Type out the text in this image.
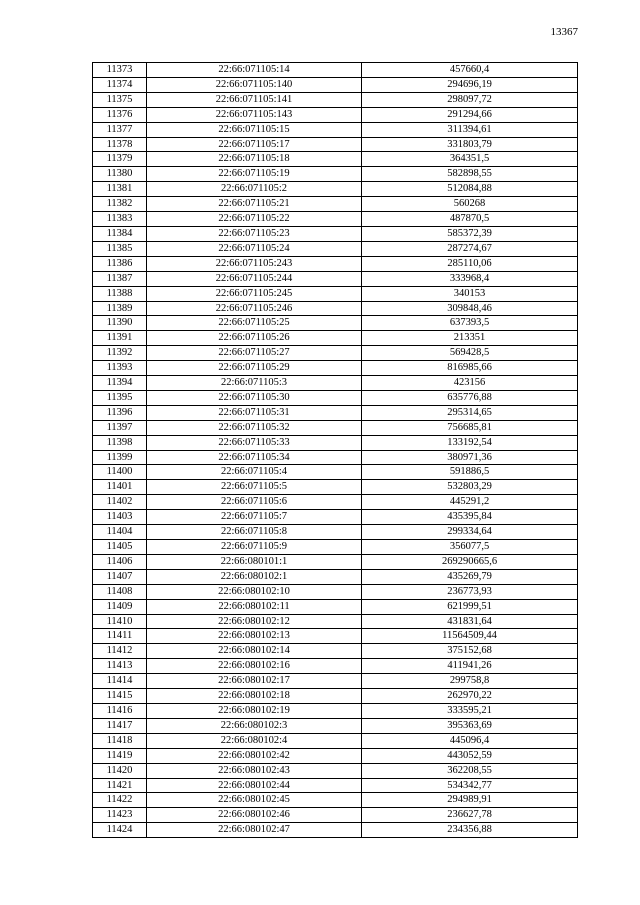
13367
11373	22:66:071105:14	457660,4
11374	22:66:071105:140	294696,19
11375	22:66:071105:141	298097,72
11376	22:66:071105:143	291294,66
11377	22:66:071105:15	311394,61
11378	22:66:071105:17	331803,79
11379	22:66:071105:18	364351,5
11380	22:66:071105:19	582898,55
11381	22:66:071105:2	512084,88
11382	22:66:071105:21	560268
11383	22:66:071105:22	487870,5
11384	22:66:071105:23	585372,39
11385	22:66:071105:24	287274,67
11386	22:66:071105:243	285110,06
11387	22:66:071105:244	333968,4
11388	22:66:071105:245	340153
11389	22:66:071105:246	309848,46
11390	22:66:071105:25	637393,5
11391	22:66:071105:26	213351
11392	22:66:071105:27	569428,5
11393	22:66:071105:29	816985,66
11394	22:66:071105:3	423156
11395	22:66:071105:30	635776,88
11396	22:66:071105:31	295314,65
11397	22:66:071105:32	756685,81
11398	22:66:071105:33	133192,54
11399	22:66:071105:34	380971,36
11400	22:66:071105:4	591886,5
11401	22:66:071105:5	532803,29
11402	22:66:071105:6	445291,2
11403	22:66:071105:7	435395,84
11404	22:66:071105:8	299334,64
11405	22:66:071105:9	356077,5
11406	22:66:080101:1	269290665,6
11407	22:66:080102:1	435269,79
11408	22:66:080102:10	236773,93
11409	22:66:080102:11	621999,51
11410	22:66:080102:12	431831,64
11411	22:66:080102:13	11564509,44
11412	22:66:080102:14	375152,68
11413	22:66:080102:16	411941,26
11414	22:66:080102:17	299758,8
11415	22:66:080102:18	262970,22
11416	22:66:080102:19	333595,21
11417	22:66:080102:3	395363,69
11418	22:66:080102:4	445096,4
11419	22:66:080102:42	443052,59
11420	22:66:080102:43	362208,55
11421	22:66:080102:44	534342,77
11422	22:66:080102:45	294989,91
11423	22:66:080102:46	236627,78
11424	22:66:080102:47	234356,88
